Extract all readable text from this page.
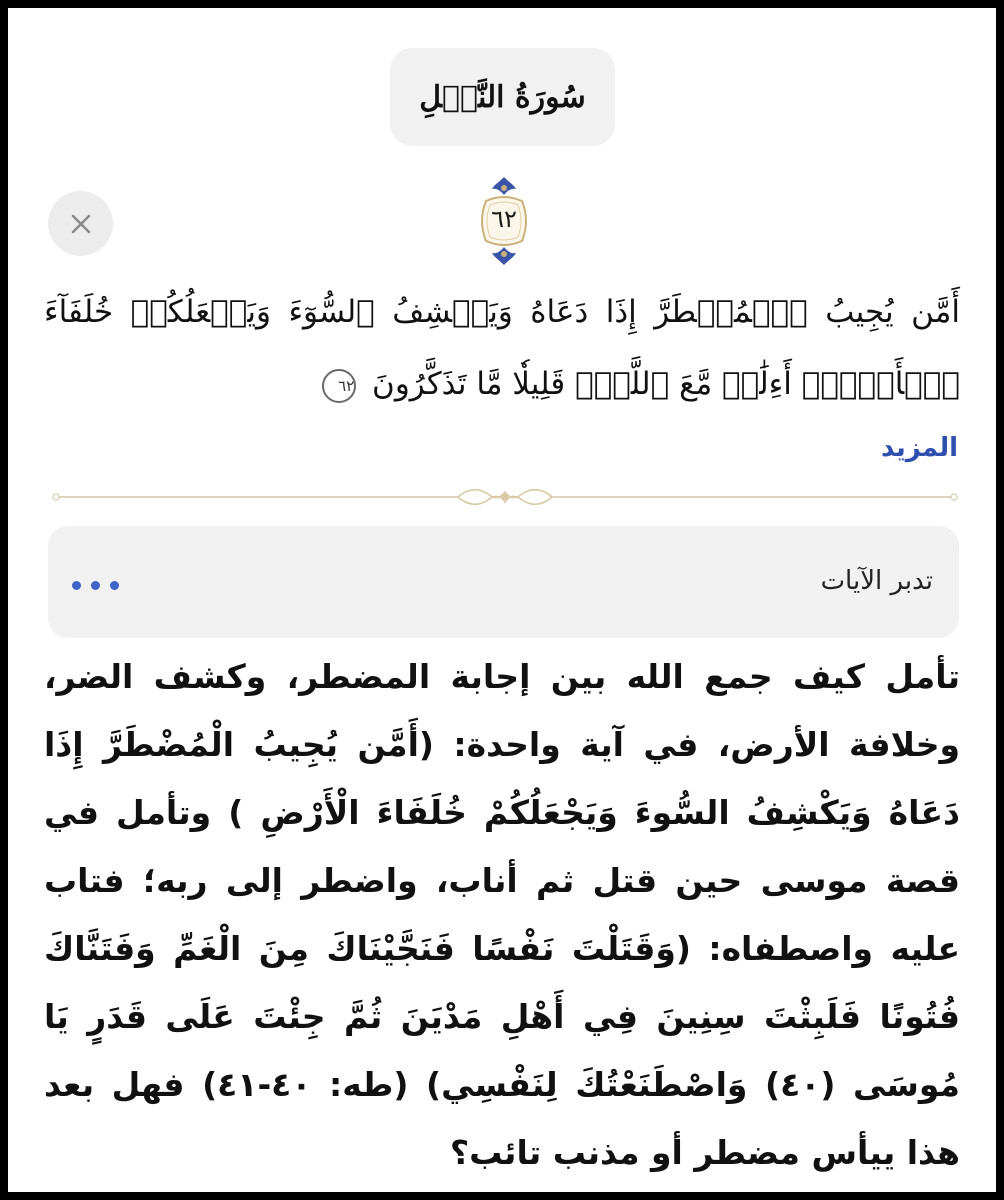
سُورَةُ النَّمۡلِ
٦٢
أَمَّن يُجِيبُ ٱلۡمُضۡطَرَّ إِذَا دَعَاهُ وَيَكۡشِفُ ٱلسُّوٓءَ وَيَجۡعَلُكُمۡ خُلَفَآءَ ٱلۡأَرۡضِۗ أَءِلَٰهٞ مَّعَ ٱللَّهِۚ قَلِيلٗا مَّا تَذَكَّرُونَ ٦٢
المزيد
تدبر الآيات
تأمل كيف جمع الله بين إجابة المضطر، وكشف الضر، وخلافة الأرض، في آية واحدة: (أَمَّن يُجِيبُ الْمُضْطَرَّ إِذَا دَعَاهُ وَيَكْشِفُ السُّوءَ وَيَجْعَلُكُمْ خُلَفَاءَ الْأَرْضِ ) وتأمل في قصة موسى حين قتل ثم أناب، واضطر إلى ربه؛ فتاب عليه واصطفاه: (وَقَتَلْتَ نَفْسًا فَنَجَّيْنَاكَ مِنَ الْغَمِّ وَفَتَنَّاكَ فُتُونًا فَلَبِثْتَ سِنِينَ فِي أَهْلِ مَدْيَنَ ثُمَّ جِئْتَ عَلَى قَدَرٍ يَا مُوسَى (٤٠) وَاصْطَنَعْتُكَ لِنَفْسِي) (طه: ٤٠-٤١) فهل بعد هذا ييأس مضطر أو مذنب تائب؟
